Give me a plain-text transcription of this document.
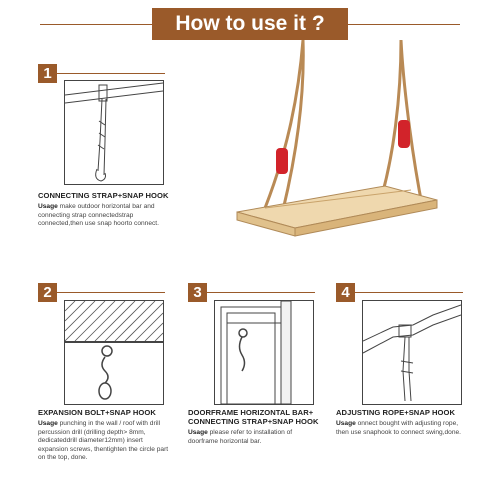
How to use it ?
1
CONNECTING STRAP+SNAP HOOK
Usage make outdoor horizontal bar and connecting strap connectedstrap connected,then use snap hoorto connect.
2
EXPANSION BOLT+SNAP HOOK
Usage punching in the wall / roof with drill percussion drill (drilling depth> 8mm, dedicateddrill diameter12mm) insert expansion screws, thentighten the circle part on the top, done.
3
DOORFRAME HORIZONTAL BAR+
CONNECTING STRAP+SNAP HOOK
Usage please refer to installation of doorframe horizontal bar.
4
ADJUSTING ROPE+SNAP HOOK
Usage onnect bought with adjusting rope, then use snaphook to connect swing,done.
